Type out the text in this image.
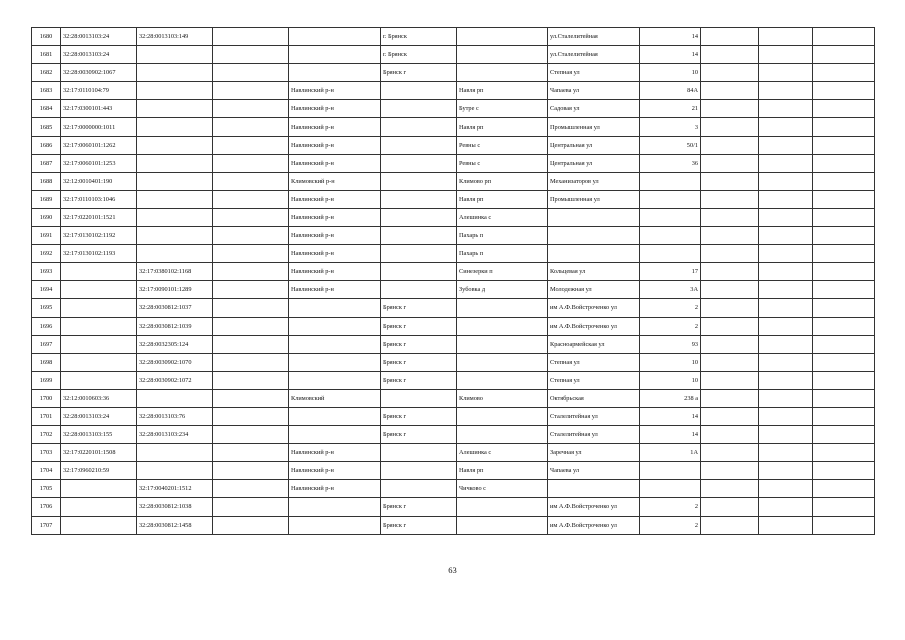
1680	32:28:0013103:24	32:28:0013103:149			г. Брянск		ул.Сталелитейная	14			
1681	32:28:0013103:24				г. Брянск		ул.Сталелитейная	14			
1682	32:28:0030902:1067				Брянск г		Степная ул	10			
1683	32:17:0110104:79			Навлинский р-н		Навля рп	Чапаева ул	84А			
1684	32:17:0300101:443			Навлинский р-н		Бутре с	Садовая ул	21			
1685	32:17:0000000:1011			Навлинский р-н		Навля рп	Промышленная ул	3			
1686	32:17:0060101:1262			Навлинский р-н		Ревны с	Центральная ул	50/1			
1687	32:17:0060101:1253			Навлинский р-н		Ревны с	Центральная ул	36			
1688	32:12:0010401:190			Климовский р-н		Климово рп	Механизаторов ул				
1689	32:17:0110103:1046			Навлинский р-н		Навля рп	Промышленная ул				
1690	32:17:0220101:1521			Навлинский р-н		Алешинка с					
1691	32:17:0130102:1192			Навлинский р-н		Пахарь п					
1692	32:17:0130102:1193			Навлинский р-н		Пахарь п					
1693		32:17:0380102:1168		Навлинский р-н		Синезерки п	Кольцевая ул	17			
1694		32:17:0090101:1289		Навлинский р-н		Зубовка д	Молодежная ул	3А			
1695		32:28:0030812:1037			Брянск г		им А.Ф.Войстроченко ул	2			
1696		32:28:0030812:1039			Брянск г		им А.Ф.Войстроченко ул	2			
1697		32:28:0032305:124			Брянск г		Красноармейская ул	93			
1698		32:28:0030902:1070			Брянск г		Степная ул	10			
1699		32:28:0030902:1072			Брянск г		Степная ул	10			
1700	32:12:0010603:36			Климовский		Климово	Октябрьская	238 а			
1701	32:28:0013103:24	32:28:0013103:76			Брянск г		Сталелитейная ул	14			
1702	32:28:0013103:155	32:28:0013103:234			Брянск г		Сталелитейная ул	14			
1703	32:17:0220101:1508			Навлинский р-н		Алешинка с	Заречная ул	1А			
1704	32:17:0960210:59			Навлинский р-н		Навля рп	Чапаева ул				
1705		32:17:0040201:1512		Навлинский р-н		Чичково с					
1706		32:28:0030812:1038			Брянск г		им А.Ф.Войстроченко ул	2			
1707		32:28:0030812:1458			Брянск г		им А.Ф.Войстроченко ул	2			
63
